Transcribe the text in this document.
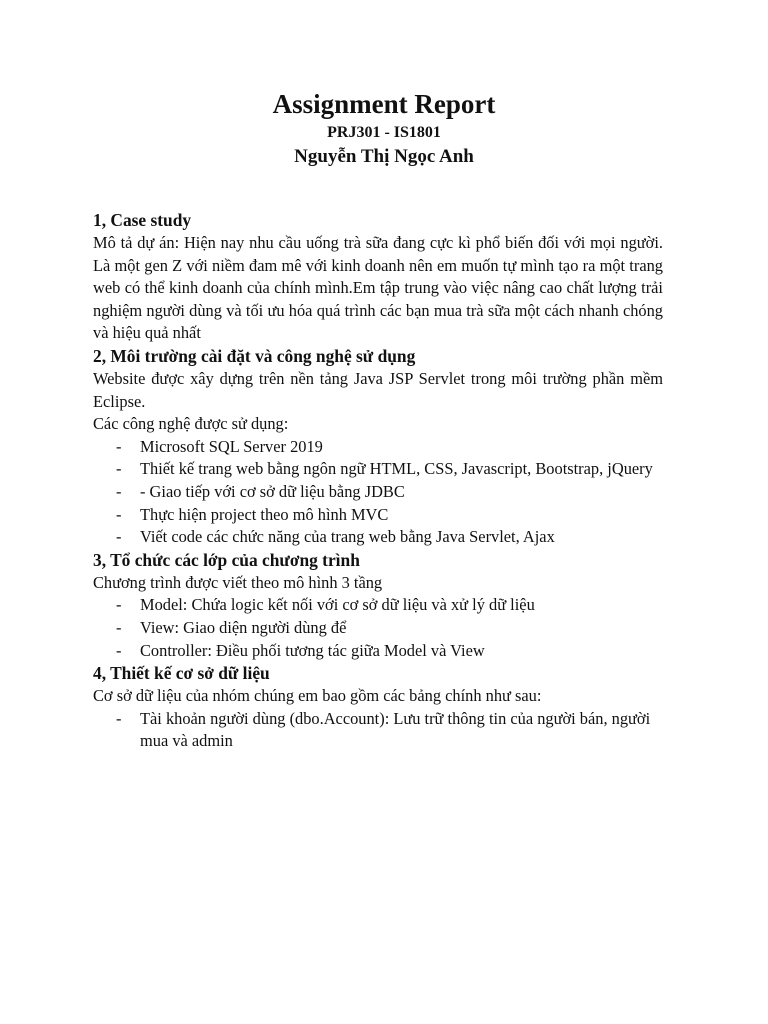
Assignment Report

PRJ301 - IS1801

Nguyễn Thị Ngọc Anh

1, Case study

Mô tả dự án: Hiện nay nhu cầu uống trà sữa đang cực kì phổ biến đối với mọi người. Là một gen Z với niềm đam mê với kinh doanh nên em muốn tự mình tạo ra một trang web có thể kinh doanh của chính mình.Em tập trung vào việc nâng cao chất lượng trải nghiệm người dùng và tối ưu hóa quá trình các bạn mua trà sữa một cách nhanh chóng và hiệu quả nhất

2, Môi trường cài đặt và công nghệ sử dụng

Website được xây dựng trên nền tảng Java JSP Servlet trong môi trường phần mềm Eclipse.

Các công nghệ được sử dụng:

- Microsoft SQL Server 2019
- Thiết kế trang web bằng ngôn ngữ HTML, CSS, Javascript, Bootstrap, jQuery
- - Giao tiếp với cơ sở dữ liệu bằng JDBC
- Thực hiện project theo mô hình MVC
- Viết code các chức năng của trang web bằng Java Servlet, Ajax
3, Tổ chức các lớp của chương trình

Chương trình được viết theo mô hình 3 tầng

- Model: Chứa logic kết nối với cơ sở dữ liệu và xử lý dữ liệu
- View: Giao diện người dùng để
- Controller: Điều phối tương tác giữa Model và View
4, Thiết kế cơ sở dữ liệu

Cơ sở dữ liệu của nhóm chúng em bao gồm các bảng chính như sau:

- Tài khoản người dùng (dbo.Account): Lưu trữ thông tin của người bán, người mua và admin
